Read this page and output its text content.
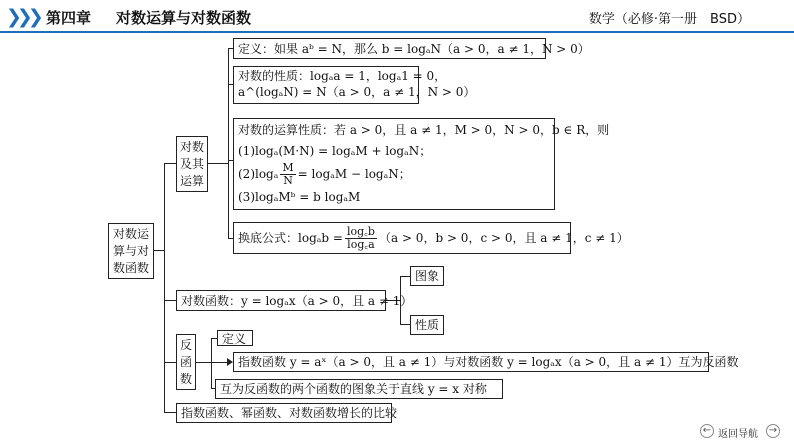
❯❯❯ 第四章 对数运算与对数函数	数学（必修·第一册　BSD）
对数运
算与对
数函数
对数
及其
运算
定义：如果 aᵇ = N，那么 b = logₐN（a > 0，a ≠ 1，N > 0）
对数的性质：logₐa = 1，logₐ1 = 0，
a^(logₐN) = N（a > 0，a ≠ 1，N > 0）
对数的运算性质：若 a > 0，且 a ≠ 1，M > 0，N > 0，b ∈ R，则
(1)logₐ(M·N) = logₐM + logₐN；
$(2)\log_a \frac{M}{N} = \log_aM - \log_aN$；
(3)logₐMᵇ = b logₐM
换底公式：$\log_ab = \frac{\log꜀b}{\log꜀a} (a > 0$，b > 0，c > 0，且 a ≠ 1，c ≠ 1）
对数函数：y = logₐx（a > 0，且 a ≠ 1）
图象
性质
反
函
数
定义
指数函数 y = aˣ（a > 0，且 a ≠ 1）与对数函数 y = logₐx（a > 0，且 a ≠ 1）互为反函数
互为反函数的两个函数的图象关于直线 y = x 对称
指数函数、幂函数、对数函数增长的比较
← 返回导航 →
